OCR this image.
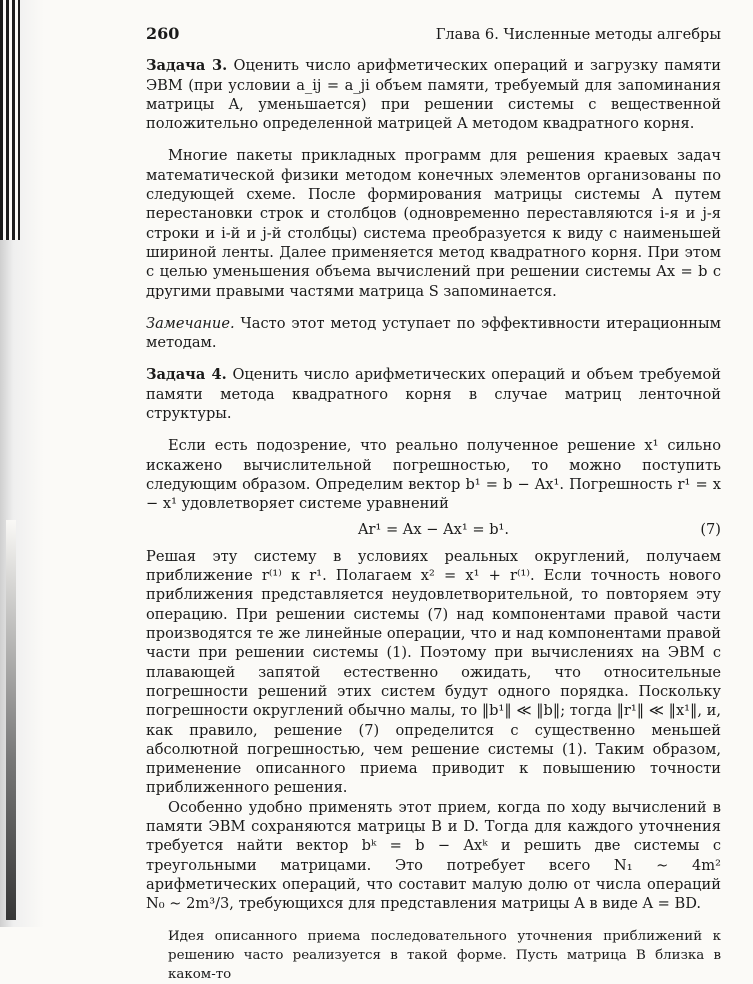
260	Глава 6. Численные методы алгебры

Задача 3. Оценить число арифметических операций и загрузку памяти ЭВМ (при условии a_ij = a_ji объем памяти, требуемый для запоминания матрицы A, уменьшается) при решении системы с вещественной положительно определенной матрицей A методом квадратного корня.

Многие пакеты прикладных программ для решения краевых задач математической физики методом конечных элементов организованы по следующей схеме. После формирования матрицы системы A путем перестановки строк и столбцов (одновременно переставляются i-я и j-я строки и i-й и j-й столбцы) система преобразуется к виду с наименьшей шириной ленты. Далее применяется метод квадратного корня. При этом с целью уменьшения объема вычислений при решении системы Ax = b с другими правыми частями матрица S запоминается.

Замечание. Часто этот метод уступает по эффективности итерационным методам.

Задача 4. Оценить число арифметических операций и объем требуемой памяти метода квадратного корня в случае матриц ленточной структуры.

Если есть подозрение, что реально полученное решение x¹ сильно искажено вычислительной погрешностью, то можно поступить следующим образом. Определим вектор b¹ = b − Ax¹. Погрешность r¹ = x − x¹ удовлетворяет системе уравнений

Ar¹ = Ax − Ax¹ = b¹.	(7)

Решая эту систему в условиях реальных округлений, получаем приближение r⁽¹⁾ к r¹. Полагаем x² = x¹ + r⁽¹⁾. Если точность нового приближения представляется неудовлетворительной, то повторяем эту операцию. При решении системы (7) над компонентами правой части производятся те же линейные операции, что и над компонентами правой части при решении системы (1). Поэтому при вычислениях на ЭВМ с плавающей запятой естественно ожидать, что относительные погрешности решений этих систем будут одного порядка. Поскольку погрешности округлений обычно малы, то ‖b¹‖ ≪ ‖b‖; тогда ‖r¹‖ ≪ ‖x¹‖, и, как правило, решение (7) определится с существенно меньшей абсолютной погрешностью, чем решение системы (1). Таким образом, применение описанного приема приводит к повышению точности приближенного решения.

Особенно удобно применять этот прием, когда по ходу вычислений в памяти ЭВМ сохраняются матрицы B и D. Тогда для каждого уточнения требуется найти вектор bᵏ = b − Axᵏ и решить две системы с треугольными матрицами. Это потребует всего N₁ ∼ 4m² арифметических операций, что составит малую долю от числа операций N₀ ∼ 2m³/3, требующихся для представления матрицы A в виде A = BD.

Идея описанного приема последовательного уточнения приближений к решению часто реализуется в такой форме. Пусть матрица B близка в каком-то
